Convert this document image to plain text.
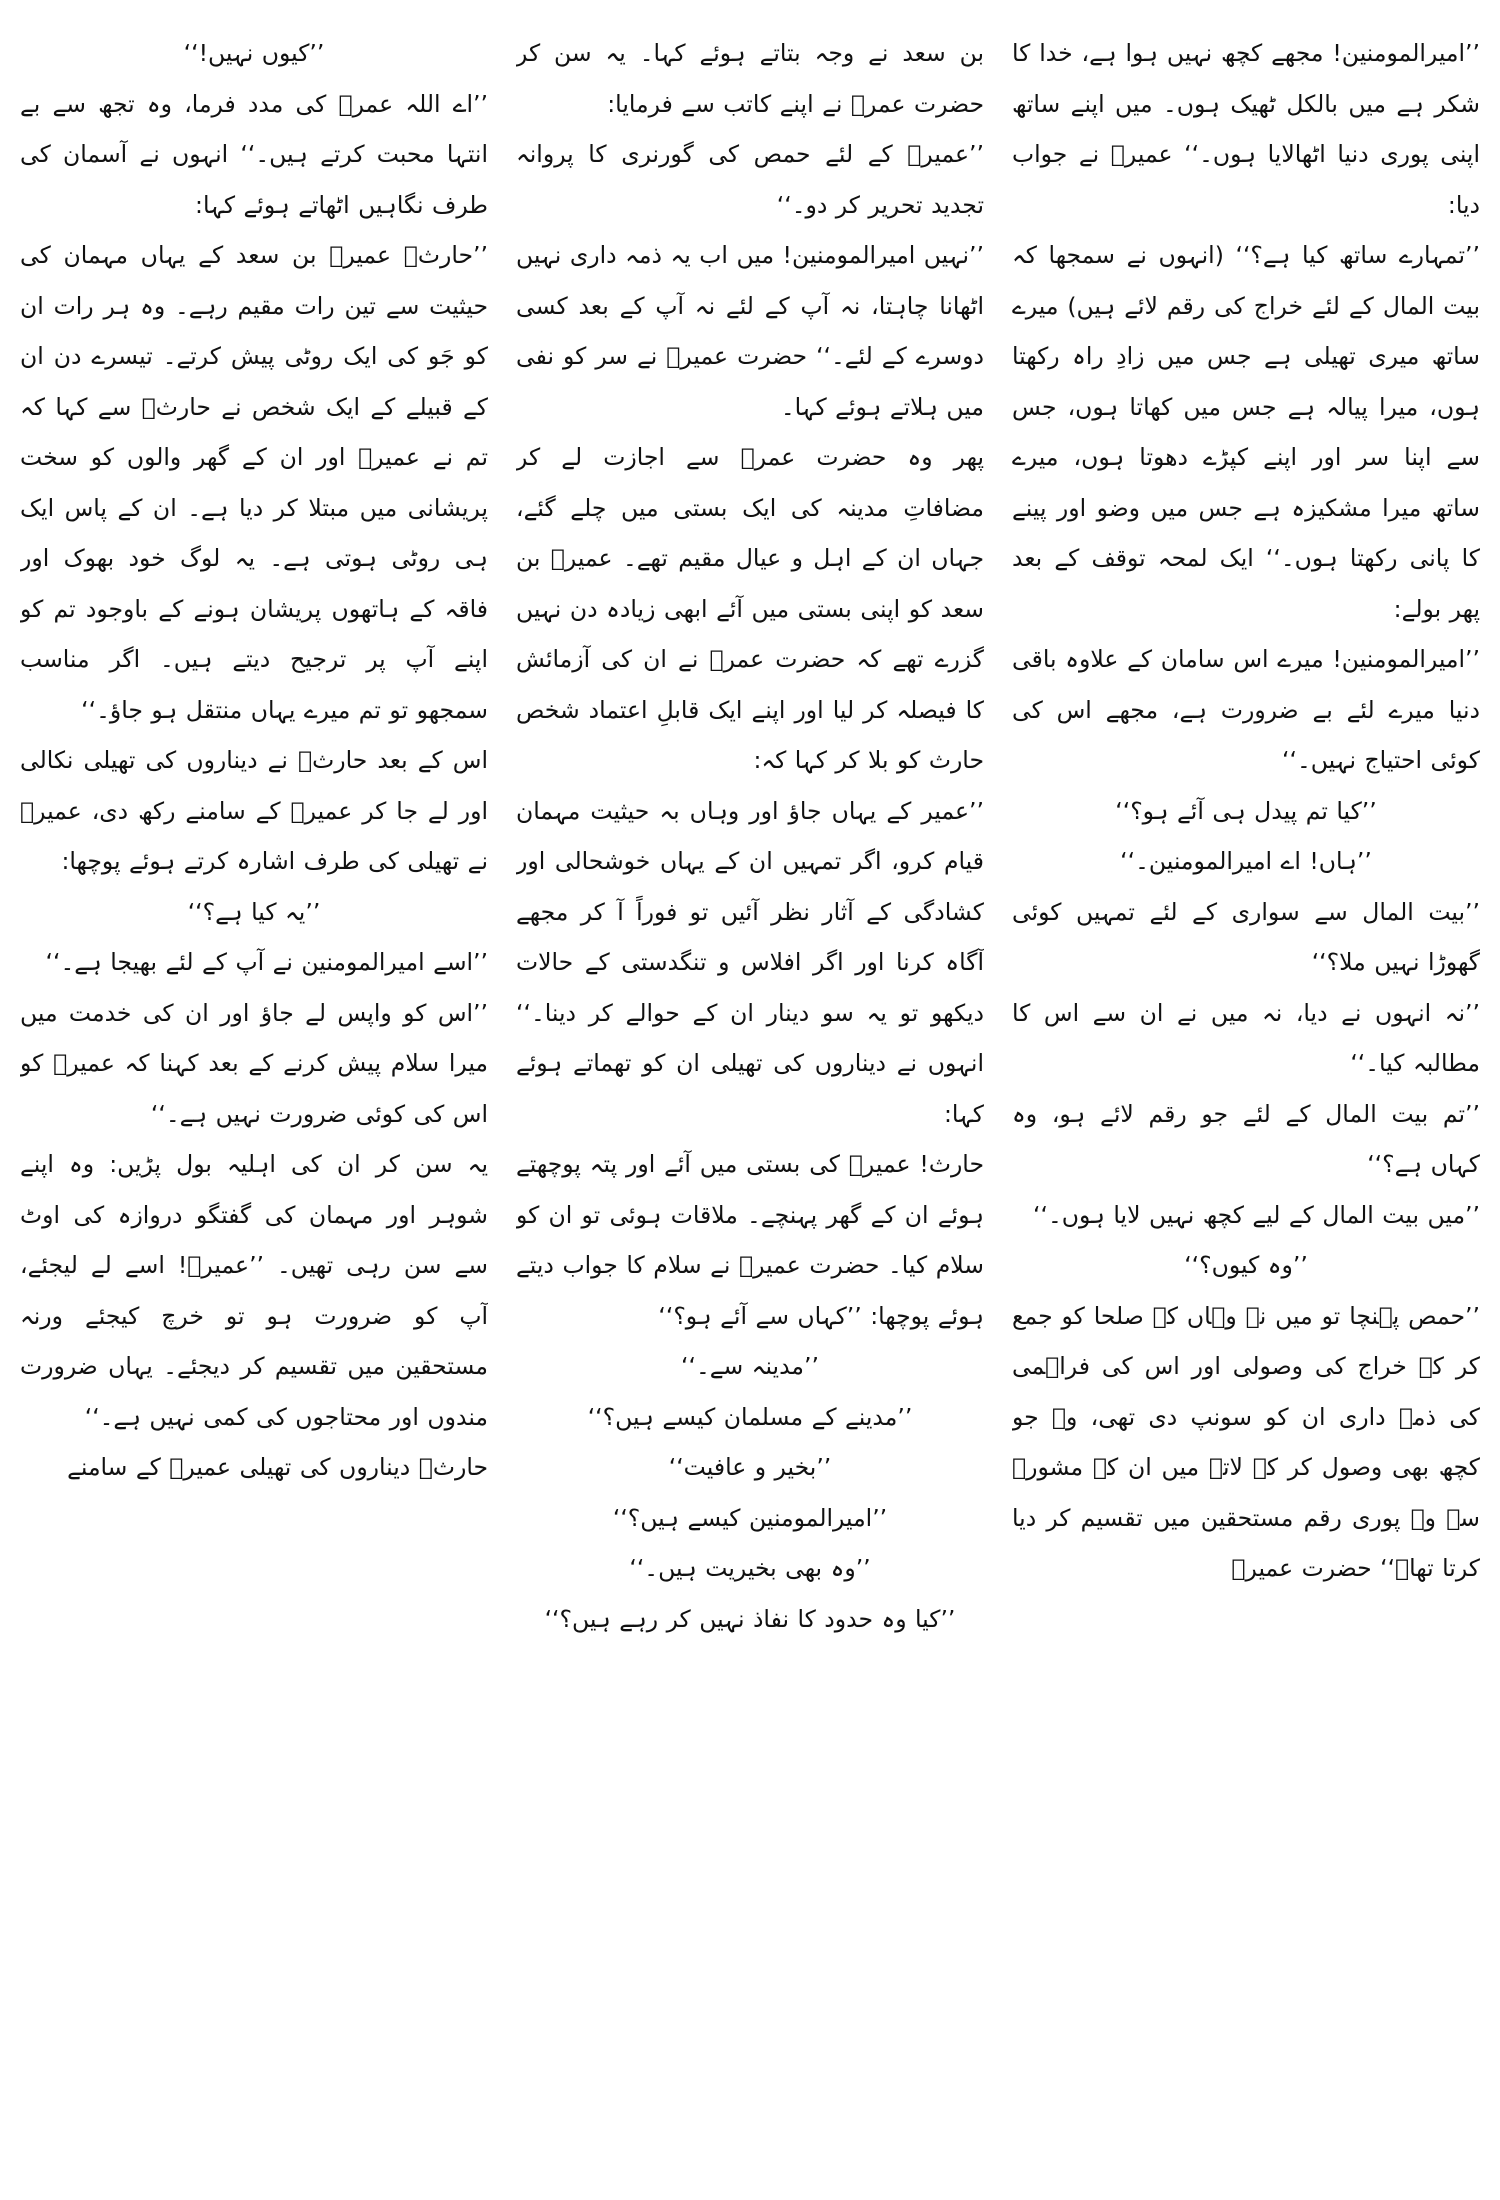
’’امیرالمومنین! مجھے کچھ نہیں ہوا ہے، خدا کا شکر ہے میں بالکل ٹھیک ہوں۔ میں اپنے ساتھ اپنی پوری دنیا اٹھالایا ہوں۔‘‘ عمیرؓ نے جواب دیا:

’’تمہارے ساتھ کیا ہے؟‘‘ (انہوں نے سمجھا کہ بیت المال کے لئے خراج کی رقم لائے ہیں) میرے ساتھ میری تھیلی ہے جس میں زادِ راہ رکھتا ہوں، میرا پیالہ ہے جس میں کھاتا ہوں، جس سے اپنا سر اور اپنے کپڑے دھوتا ہوں، میرے ساتھ میرا مشکیزہ ہے جس میں وضو اور پینے کا پانی رکھتا ہوں۔‘‘ ایک لمحہ توقف کے بعد پھر بولے:

’’امیرالمومنین! میرے اس سامان کے علاوہ باقی دنیا میرے لئے بے ضرورت ہے، مجھے اس کی کوئی احتیاج نہیں۔‘‘

’’کیا تم پیدل ہی آئے ہو؟‘‘

’’ہاں! اے امیرالمومنین۔‘‘

’’بیت المال سے سواری کے لئے تمہیں کوئی گھوڑا نہیں ملا؟‘‘

’’نہ انہوں نے دیا، نہ میں نے ان سے اس کا مطالبہ کیا۔‘‘

’’تم بیت المال کے لئے جو رقم لائے ہو، وہ کہاں ہے؟‘‘

’’میں بیت المال کے لیے کچھ نہیں لایا ہوں۔‘‘

’’وہ کیوں؟‘‘

’’حمص پہنچا تو میں نے وہاں کے صلحا کو جمع کر کے خراج کی وصولی اور اس کی فراہمی کی ذمہ داری ان کو سونپ دی تھی، وہ جو کچھ بھی وصول کر کے لاتے میں ان کے مشورے سے وہ پوری رقم مستحقین میں تقسیم کر دیا کرتا تھا۔‘‘ حضرت عمیرؓ

بن سعد نے وجہ بتاتے ہوئے کہا۔ یہ سن کر حضرت عمرؓ نے اپنے کاتب سے فرمایا:

’’عمیرؓ کے لئے حمص کی گورنری کا پروانہ تجدید تحریر کر دو۔‘‘

’’نہیں امیرالمومنین! میں اب یہ ذمہ داری نہیں اٹھانا چاہتا، نہ آپ کے لئے نہ آپ کے بعد کسی دوسرے کے لئے۔‘‘ حضرت عمیرؓ نے سر کو نفی میں ہلاتے ہوئے کہا۔

پھر وہ حضرت عمرؓ سے اجازت لے کر مضافاتِ مدینہ کی ایک بستی میں چلے گئے، جہاں ان کے اہل و عیال مقیم تھے۔ عمیرؓ بن سعد کو اپنی بستی میں آئے ابھی زیادہ دن نہیں گزرے تھے کہ حضرت عمرؓ نے ان کی آزمائش کا فیصلہ کر لیا اور اپنے ایک قابلِ اعتماد شخص حارث کو بلا کر کہا کہ:

’’عمیر کے یہاں جاؤ اور وہاں بہ حیثیت مہمان قیام کرو، اگر تمہیں ان کے یہاں خوشحالی اور کشادگی کے آثار نظر آئیں تو فوراً آ کر مجھے آگاہ کرنا اور اگر افلاس و تنگدستی کے حالات دیکھو تو یہ سو دینار ان کے حوالے کر دینا۔‘‘ انہوں نے دیناروں کی تھیلی ان کو تھماتے ہوئے کہا:

حارث! عمیرؓ کی بستی میں آئے اور پتہ پوچھتے ہوئے ان کے گھر پہنچے۔ ملاقات ہوئی تو ان کو سلام کیا۔ حضرت عمیرؓ نے سلام کا جواب دیتے ہوئے پوچھا: ’’کہاں سے آئے ہو؟‘‘

’’مدینہ سے۔‘‘

’’مدینے کے مسلمان کیسے ہیں؟‘‘

’’بخیر و عافیت‘‘

’’امیرالمومنین کیسے ہیں؟‘‘

’’وہ بھی بخیریت ہیں۔‘‘

’’کیا وہ حدود کا نفاذ نہیں کر رہے ہیں؟‘‘

’’کیوں نہیں!‘‘

’’اے اللہ عمرؓ کی مدد فرما، وہ تجھ سے بے انتہا محبت کرتے ہیں۔‘‘ انہوں نے آسمان کی طرف نگاہیں اٹھاتے ہوئے کہا:

’’حارثؓ عمیرؓ بن سعد کے یہاں مہمان کی حیثیت سے تین رات مقیم رہے۔ وہ ہر رات ان کو جَو کی ایک روٹی پیش کرتے۔ تیسرے دن ان کے قبیلے کے ایک شخص نے حارثؓ سے کہا کہ تم نے عمیرؓ اور ان کے گھر والوں کو سخت پریشانی میں مبتلا کر دیا ہے۔ ان کے پاس ایک ہی روٹی ہوتی ہے۔ یہ لوگ خود بھوک اور فاقہ کے ہاتھوں پریشان ہونے کے باوجود تم کو اپنے آپ پر ترجیح دیتے ہیں۔ اگر مناسب سمجھو تو تم میرے یہاں منتقل ہو جاؤ۔‘‘

اس کے بعد حارثؓ نے دیناروں کی تھیلی نکالی اور لے جا کر عمیرؓ کے سامنے رکھ دی، عمیرؓ نے تھیلی کی طرف اشارہ کرتے ہوئے پوچھا:

’’یہ کیا ہے؟‘‘

’’اسے امیرالمومنین نے آپ کے لئے بھیجا ہے۔‘‘

’’اس کو واپس لے جاؤ اور ان کی خدمت میں میرا سلام پیش کرنے کے بعد کہنا کہ عمیرؓ کو اس کی کوئی ضرورت نہیں ہے۔‘‘

یہ سن کر ان کی اہلیہ بول پڑیں: وہ اپنے شوہر اور مہمان کی گفتگو دروازہ کی اوٹ سے سن رہی تھیں۔ ’’عمیرؓ! اسے لے لیجئے، آپ کو ضرورت ہو تو خرچ کیجئے ورنہ مستحقین میں تقسیم کر دیجئے۔ یہاں ضرورت مندوں اور محتاجوں کی کمی نہیں ہے۔‘‘

حارثؓ دیناروں کی تھیلی عمیرؓ کے سامنے
